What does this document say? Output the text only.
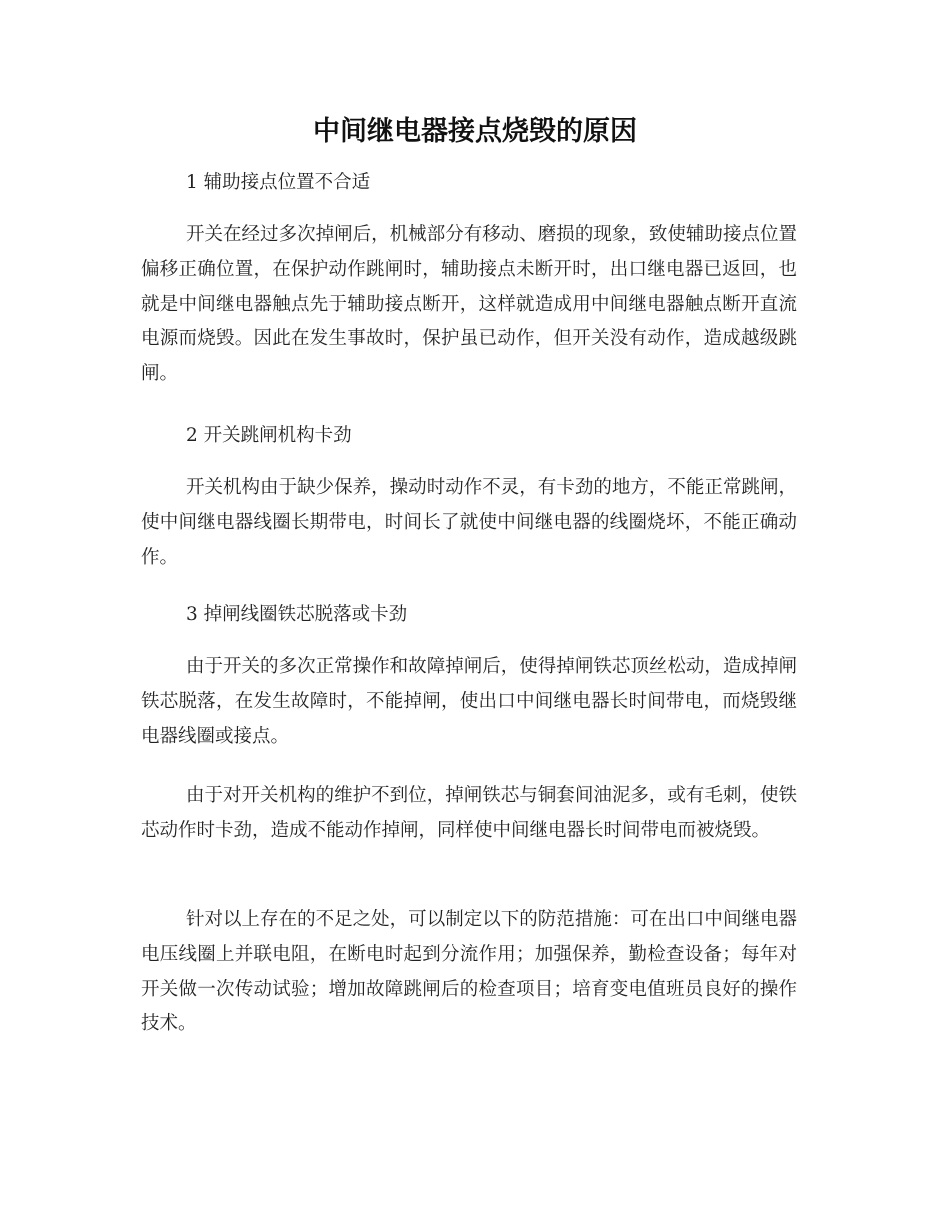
中间继电器接点烧毁的原因

1 辅助接点位置不合适

开关在经过多次掉闸后，机械部分有移动、磨损的现象，致使辅助接点位置偏移正确位置，在保护动作跳闸时，辅助接点未断开时，出口继电器已返回，也就是中间继电器触点先于辅助接点断开，这样就造成用中间继电器触点断开直流电源而烧毁。因此在发生事故时，保护虽已动作，但开关没有动作，造成越级跳闸。

2 开关跳闸机构卡劲

开关机构由于缺少保养，操动时动作不灵，有卡劲的地方，不能正常跳闸，使中间继电器线圈长期带电，时间长了就使中间继电器的线圈烧坏，不能正确动作。

3 掉闸线圈铁芯脱落或卡劲

由于开关的多次正常操作和故障掉闸后，使得掉闸铁芯顶丝松动，造成掉闸铁芯脱落，在发生故障时，不能掉闸，使出口中间继电器长时间带电，而烧毁继电器线圈或接点。

由于对开关机构的维护不到位，掉闸铁芯与铜套间油泥多，或有毛刺，使铁芯动作时卡劲，造成不能动作掉闸，同样使中间继电器长时间带电而被烧毁。

针对以上存在的不足之处，可以制定以下的防范措施：可在出口中间继电器电压线圈上并联电阻，在断电时起到分流作用；加强保养，勤检查设备；每年对开关做一次传动试验；增加故障跳闸后的检查项目；培育变电值班员良好的操作技术。
